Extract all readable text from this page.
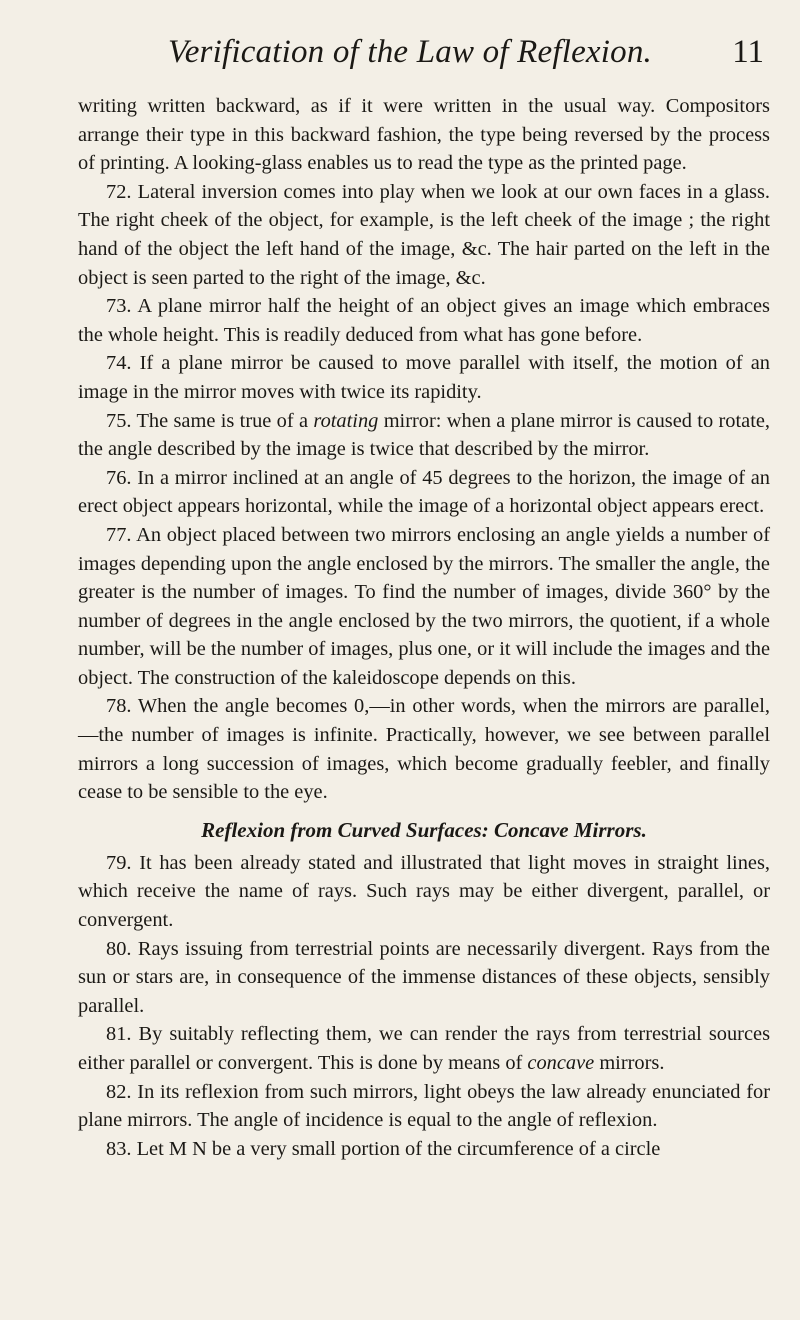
Verification of the Law of Reflexion. 11

writing written backward, as if it were written in the usual way. Compositors arrange their type in this backward fashion, the type being reversed by the process of printing. A looking-glass enables us to read the type as the printed page.

72. Lateral inversion comes into play when we look at our own faces in a glass. The right cheek of the object, for example, is the left cheek of the image ; the right hand of the object the left hand of the image, &c. The hair parted on the left in the object is seen parted to the right of the image, &c.

73. A plane mirror half the height of an object gives an image which embraces the whole height. This is readily deduced from what has gone before.

74. If a plane mirror be caused to move parallel with itself, the motion of an image in the mirror moves with twice its rapidity.

75. The same is true of a rotating mirror: when a plane mirror is caused to rotate, the angle described by the image is twice that described by the mirror.

76. In a mirror inclined at an angle of 45 degrees to the horizon, the image of an erect object appears horizontal, while the image of a horizontal object appears erect.

77. An object placed between two mirrors enclosing an angle yields a number of images depending upon the angle enclosed by the mirrors. The smaller the angle, the greater is the number of images. To find the number of images, divide 360° by the number of degrees in the angle enclosed by the two mirrors, the quotient, if a whole number, will be the number of images, plus one, or it will include the images and the object. The construction of the kaleidoscope depends on this.

78. When the angle becomes 0,—in other words, when the mirrors are parallel,—the number of images is infinite. Practically, however, we see between parallel mirrors a long succession of images, which become gradually feebler, and finally cease to be sensible to the eye.

Reflexion from Curved Surfaces: Concave Mirrors.

79. It has been already stated and illustrated that light moves in straight lines, which receive the name of rays. Such rays may be either divergent, parallel, or convergent.

80. Rays issuing from terrestrial points are necessarily divergent. Rays from the sun or stars are, in consequence of the immense distances of these objects, sensibly parallel.

81. By suitably reflecting them, we can render the rays from terrestrial sources either parallel or convergent. This is done by means of concave mirrors.

82. In its reflexion from such mirrors, light obeys the law already enunciated for plane mirrors. The angle of incidence is equal to the angle of reflexion.

83. Let M N be a very small portion of the circumference of a circle
